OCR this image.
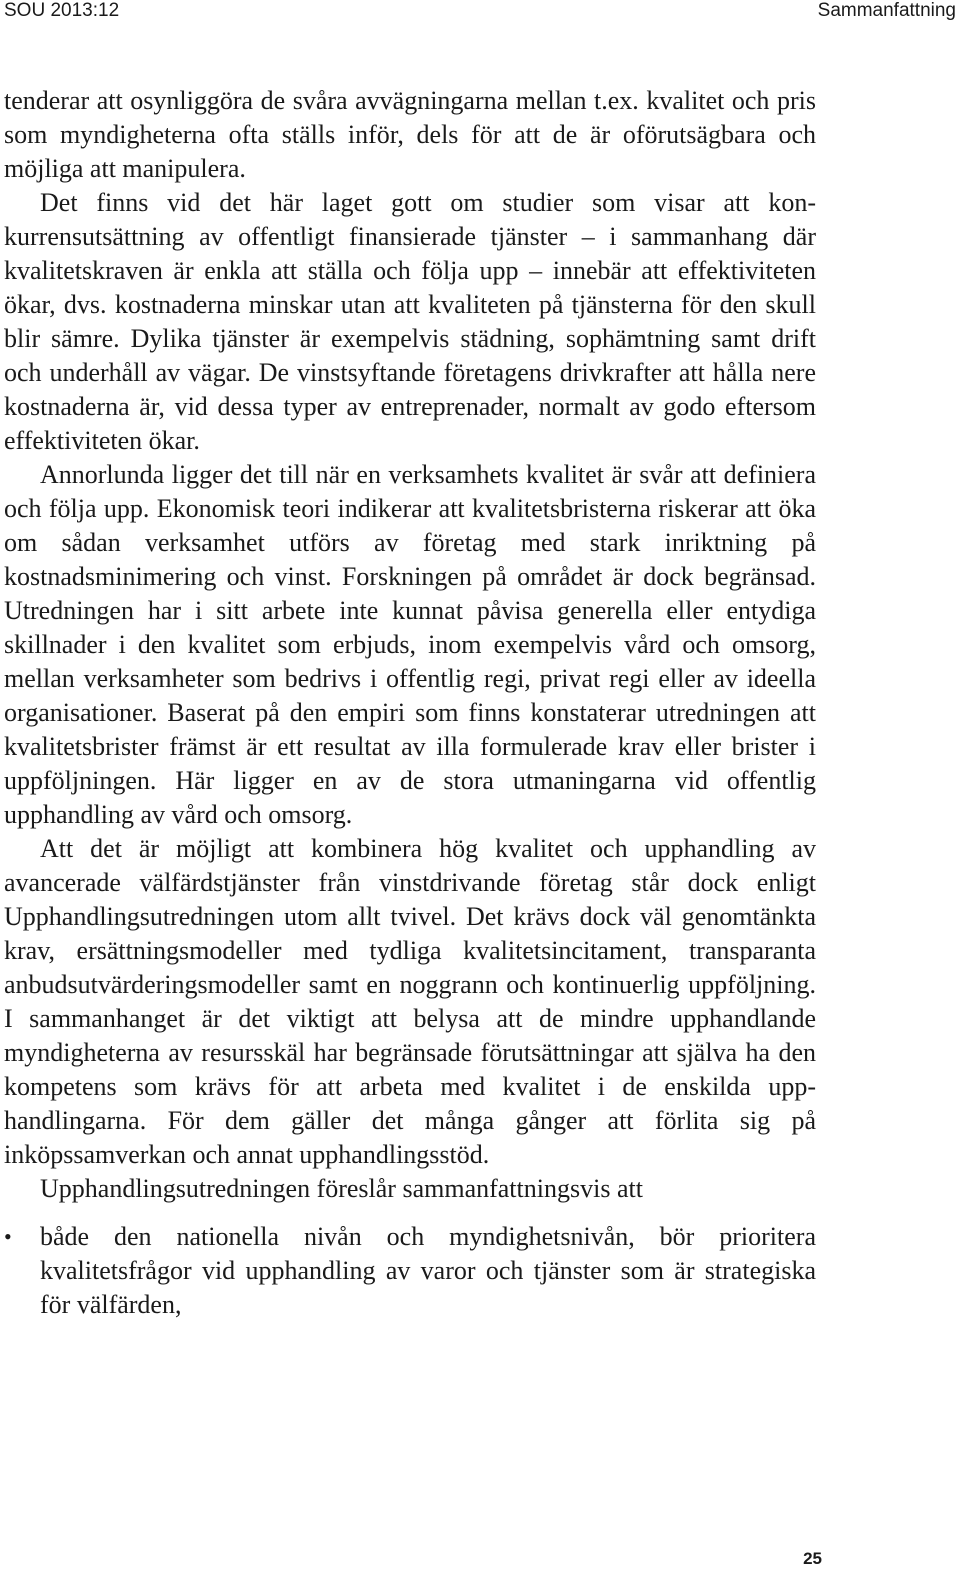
SOU 2013:12	Sammanfattning

tenderar att osynliggöra de svåra avvägningarna mellan t.ex. kvalitet och pris som myndigheterna ofta ställs inför, dels för att de är oförutsägbara och möjliga att manipulera.

Det finns vid det här laget gott om studier som visar att konkurrensutsättning av offentligt finansierade tjänster – i sammanhang där kvalitetskraven är enkla att ställa och följa upp – innebär att effektiviteten ökar, dvs. kostnaderna minskar utan att kvaliteten på tjänsterna för den skull blir sämre. Dylika tjänster är exempelvis städning, sophämtning samt drift och underhåll av vägar. De vinstsyftande företagens drivkrafter att hålla nere kostnaderna är, vid dessa typer av entreprenader, normalt av godo eftersom effektiviteten ökar.

Annorlunda ligger det till när en verksamhets kvalitet är svår att definiera och följa upp. Ekonomisk teori indikerar att kvalitetsbristerna riskerar att öka om sådan verksamhet utförs av företag med stark inriktning på kostnadsminimering och vinst. Forskningen på området är dock begränsad. Utredningen har i sitt arbete inte kunnat påvisa generella eller entydiga skillnader i den kvalitet som erbjuds, inom exempelvis vård och omsorg, mellan verksamheter som bedrivs i offentlig regi, privat regi eller av ideella organisationer. Baserat på den empiri som finns konstaterar utredningen att kvalitetsbrister främst är ett resultat av illa formulerade krav eller brister i uppföljningen. Här ligger en av de stora utmaningarna vid offentlig upphandling av vård och omsorg.

Att det är möjligt att kombinera hög kvalitet och upphandling av avancerade välfärdstjänster från vinstdrivande företag står dock enligt Upphandlingsutredningen utom allt tvivel. Det krävs dock väl genomtänkta krav, ersättningsmodeller med tydliga kvalitetsincitament, transparanta anbudsutvärderingsmodeller samt en noggrann och kontinuerlig uppföljning. I sammanhanget är det viktigt att belysa att de mindre upphandlande myndigheterna av resursskäl har begränsade förutsättningar att själva ha den kompetens som krävs för att arbeta med kvalitet i de enskilda upphandlingarna. För dem gäller det många gånger att förlita sig på inköpssamverkan och annat upphandlingsstöd.

Upphandlingsutredningen föreslår sammanfattningsvis att

• både den nationella nivån och myndighetsnivån, bör prioritera kvalitetsfrågor vid upphandling av varor och tjänster som är strategiska för välfärden,
25
